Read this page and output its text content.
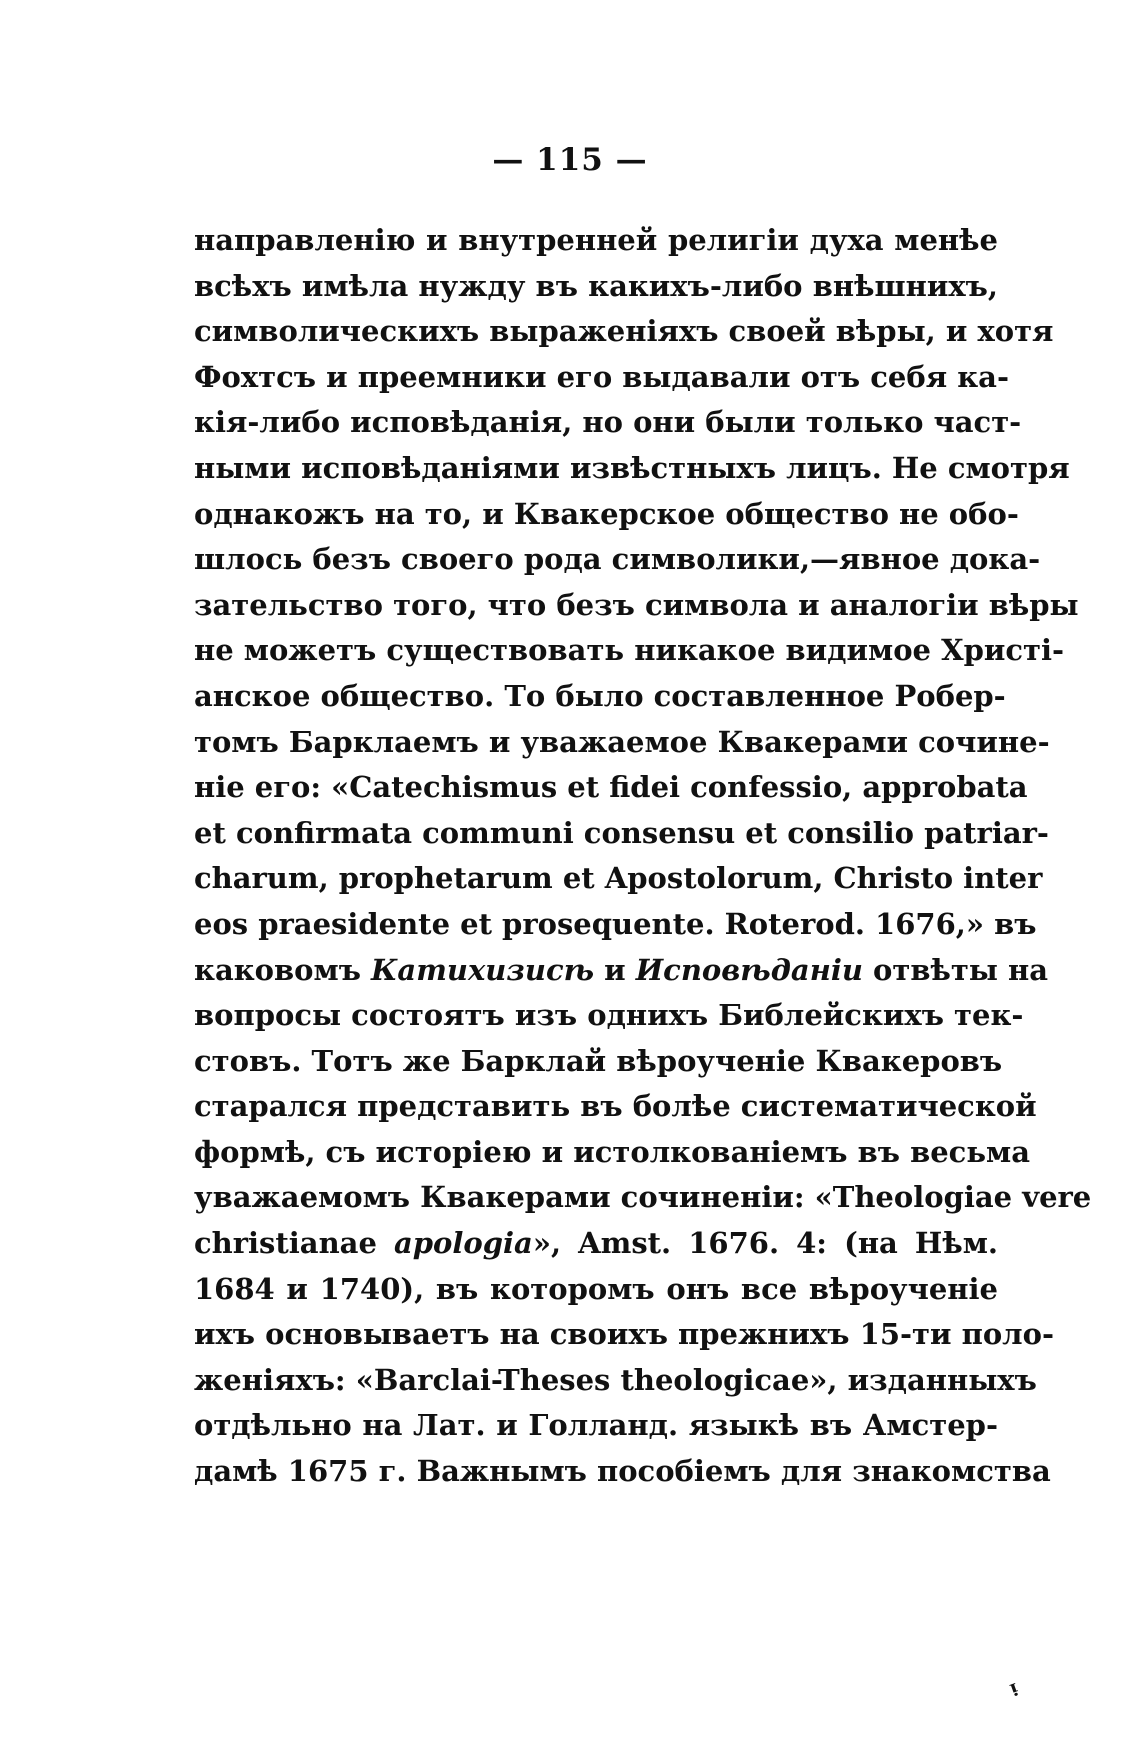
— 115 —
направленію и внутренней религіи духа менѣе
всѣхъ имѣла нужду въ какихъ-либо внѣшнихъ,
символическихъ выраженіяхъ своей вѣры, и хотя
Фохтсъ и преемники его выдавали отъ себя ка-
кія-либо исповѣданія, но они были только част-
ными исповѣданіями извѣстныхъ лицъ. Не смотря
однакожъ на то, и Квакерское общество не обо-
шлось безъ своего рода символики,—явное дока-
зательство того, что безъ символа и аналогіи вѣры
не можетъ существовать никакое видимое Христі-
анское общество. То было составленное Робер-
томъ Барклаемъ и уважаемое Квакерами сочине-
ніе его: «Catechismus et fidei confessio, approbata
et confirmata communi consensu et consilio patriar-
charum, prophetarum et Apostolorum, Christo inter
eos praesidente et prosequente. Roterod. 1676,» въ
каковомъ Катихизисѣ и Исповѣданіи отвѣты на
вопросы состоятъ изъ однихъ Библейскихъ тек-
стовъ. Тотъ же Барклай вѣроученіе Квакеровъ
старался представить въ болѣе систематической
формѣ, съ исторіею и истолкованіемъ въ весьма
уважаемомъ Квакерами сочиненіи: «Theologiae vere
christianae apologia», Amst. 1676. 4: (на Нѣм.
1684 и 1740), въ которомъ онъ все вѣроученіе
ихъ основываетъ на своихъ прежнихъ 15-ти поло-
женіяхъ: «Barclai-Theses theologicae», изданныхъ
отдѣльно на Лат. и Голланд. языкѣ въ Амстер-
дамѣ 1675 г. Важнымъ пособіемъ для знакомства
ᵎ
